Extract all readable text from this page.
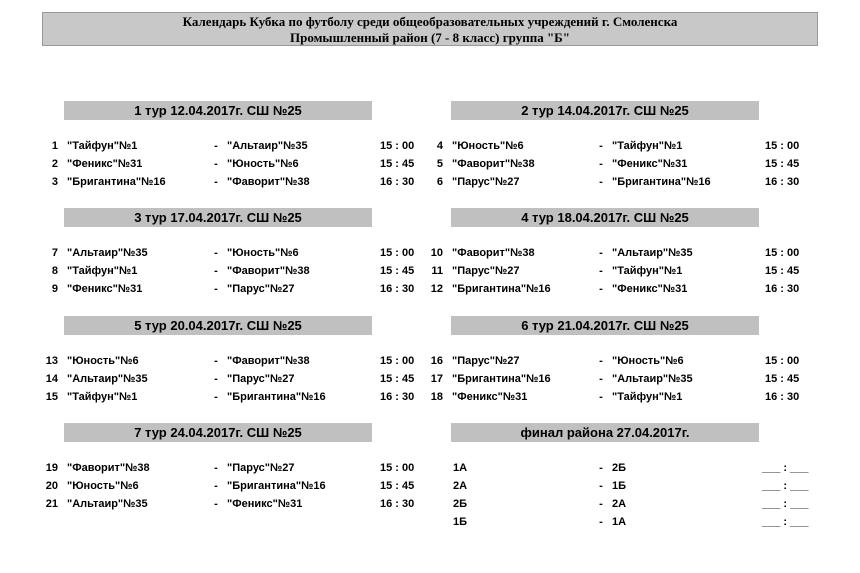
Календарь Кубка по футболу среди общеобразовательных учреждений г. Смоленска
Промышленный район (7 - 8 класс) группа "Б"
1 тур 12.04.2017г. СШ №25
1 "Тайфун"№1	- "Альтаир"№35	15 : 00
2 "Феникс"№31	- "Юность"№6	15 : 45
3 "Бригантина"№16	- "Фаворит"№38	16 : 30
2 тур 14.04.2017г. СШ №25
4 "Юность"№6	- "Тайфун"№1	15 : 00
5 "Фаворит"№38	- "Феникс"№31	15 : 45
6 "Парус"№27	- "Бригантина"№16	16 : 30
3 тур 17.04.2017г. СШ №25
7 "Альтаир"№35	- "Юность"№6	15 : 00
8 "Тайфун"№1	- "Фаворит"№38	15 : 45
9 "Феникс"№31	- "Парус"№27	16 : 30
4 тур 18.04.2017г. СШ №25
10 "Фаворит"№38	- "Альтаир"№35	15 : 00
11 "Парус"№27	- "Тайфун"№1	15 : 45
12 "Бригантина"№16	- "Феникс"№31	16 : 30
5 тур 20.04.2017г. СШ №25
13 "Юность"№6	- "Фаворит"№38	15 : 00
14 "Альтаир"№35	- "Парус"№27	15 : 45
15 "Тайфун"№1	- "Бригантина"№16	16 : 30
6 тур 21.04.2017г. СШ №25
16 "Парус"№27	- "Юность"№6	15 : 00
17 "Бригантина"№16	- "Альтаир"№35	15 : 45
18 "Феникс"№31	- "Тайфун"№1	16 : 30
7 тур 24.04.2017г. СШ №25
19 "Фаворит"№38	- "Парус"№27	15 : 00
20 "Юность"№6	- "Бригантина"№16	15 : 45
21 "Альтаир"№35	- "Феникс"№31	16 : 30
финал района 27.04.2017г.
1А	- 2Б	___ : ___
2А	- 1Б	___ : ___
2Б	- 2А	___ : ___
1Б	- 1А	___ : ___
